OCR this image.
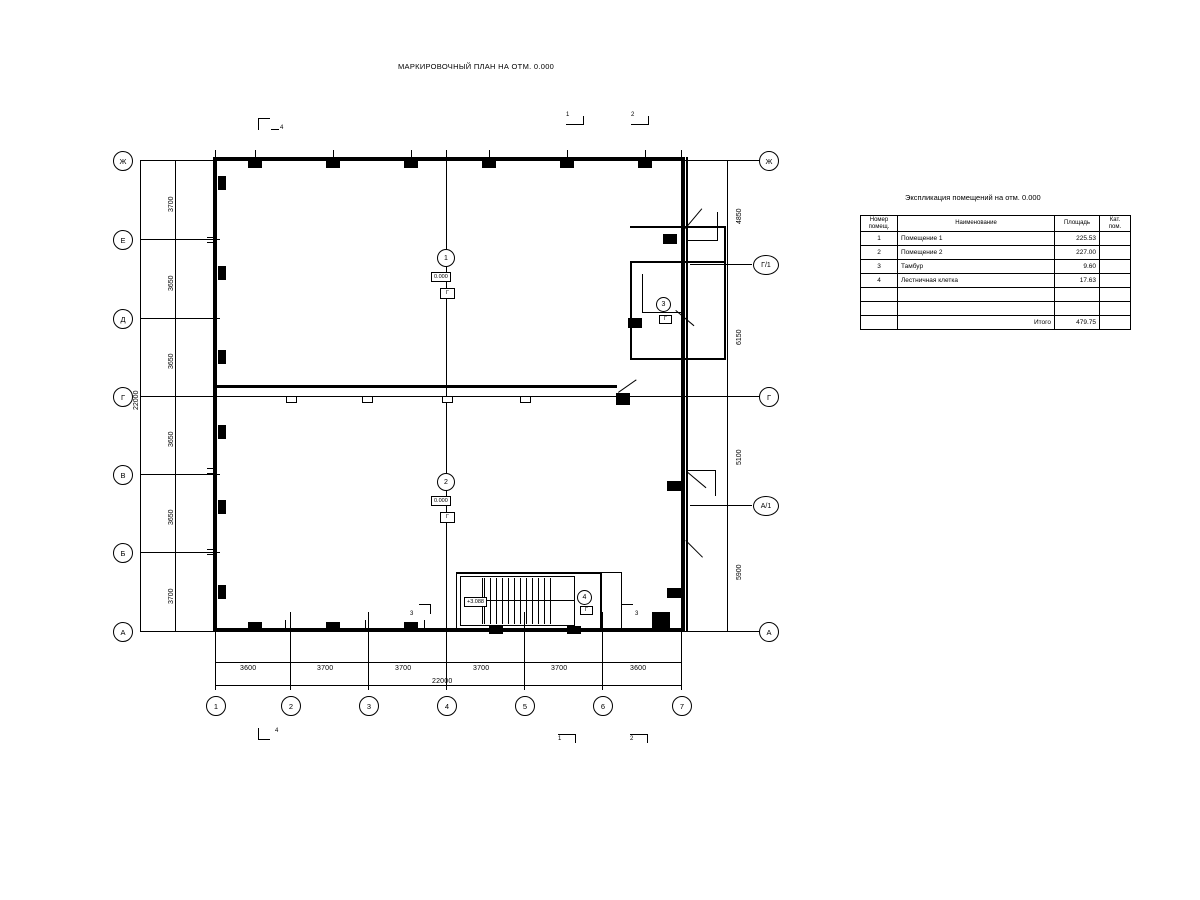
МАРКИРОВОЧНЫЙ ПЛАН НА ОТМ. 0.000
4
1	2
4
1	2
Ж
Е
Д
Г
В
Б
А
Ж
Г
А
Г/1
А/1
1	2	3	4	5	6	7
+3.088
4
Г
3
3
1
0.000
Г
2
0.000
Г
3
Г
3700
3650
3650
3650
3650
3700
22000
4850
6150
5100
5900
3600	3700	3700	3700	3700	3600
22000
Экспликация помещений на отм. 0.000
Номер помещ.	Наименование	Площадь	Кат. пом.
1	Помещение 1	225.53	
2	Помещение 2	227.00	
3	Тамбур	9.60	
4	Лестничная клетка	17.63	

	Итого	479.75	
